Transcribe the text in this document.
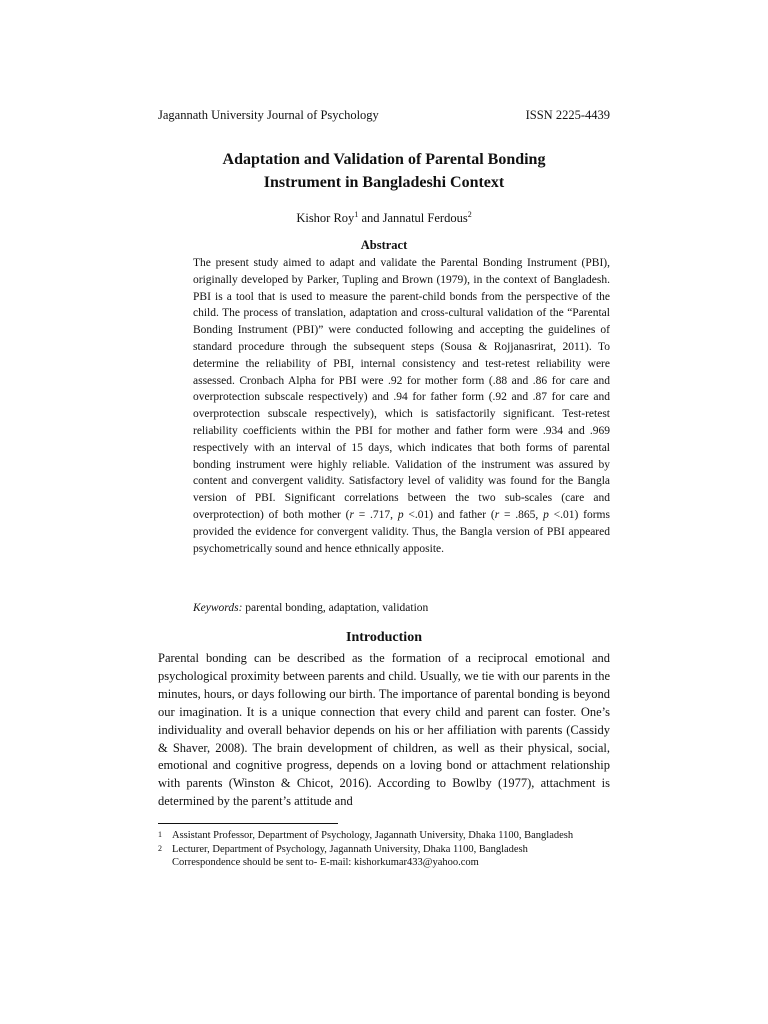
Jagannath University Journal of Psychology	ISSN 2225-4439
Adaptation and Validation of Parental Bonding
Instrument in Bangladeshi Context
Kishor Roy$^1$ and Jannatul Ferdous$^2$
Abstract

The present study aimed to adapt and validate the Parental Bonding Instrument (PBI), originally developed by Parker, Tupling and Brown (1979), in the context of Bangladesh. PBI is a tool that is used to measure the parent-child bonds from the perspective of the child. The process of translation, adaptation and cross-cultural validation of the “Parental Bonding Instrument (PBI)” were conducted following and accepting the guidelines of standard procedure through the subsequent steps (Sousa & Rojjanasrirat, 2011). To determine the reliability of PBI, internal consistency and test-retest reliability were assessed. Cronbach Alpha for PBI were .92 for mother form (.88 and .86 for care and overprotection subscale respectively) and .94 for father form (.92 and .87 for care and overprotection subscale respectively), which is satisfactorily significant. Test-retest reliability coefficients within the PBI for mother and father form were .934 and .969 respectively with an interval of 15 days, which indicates that both forms of parental bonding instrument were highly reliable. Validation of the instrument was assured by content and convergent validity. Satisfactory level of validity was found for the Bangla version of PBI. Significant correlations between the two sub-scales (care and overprotection) of both mother (r = .717, p <.01) and father (r = .865, p <.01) forms provided the evidence for convergent validity. Thus, the Bangla version of PBI appeared psychometrically sound and hence ethnically apposite.

Keywords: parental bonding, adaptation, validation
Introduction

Parental bonding can be described as the formation of a reciprocal emotional and psychological proximity between parents and child. Usually, we tie with our parents in the minutes, hours, or days following our birth. The importance of parental bonding is beyond our imagination. It is a unique connection that every child and parent can foster. One’s individuality and overall behavior depends on his or her affiliation with parents (Cassidy & Shaver, 2008). The brain development of children, as well as their physical, social, emotional and cognitive progress, depends on a loving bond or attachment relationship with parents (Winston & Chicot, 2016). According to Bowlby (1977), attachment is determined by the parent’s attitude and

1 Assistant Professor, Department of Psychology, Jagannath University, Dhaka 1100, Bangladesh
2 Lecturer, Department of Psychology, Jagannath University, Dhaka 1100, Bangladesh
Correspondence should be sent to- E-mail: kishorkumar433@yahoo.com
